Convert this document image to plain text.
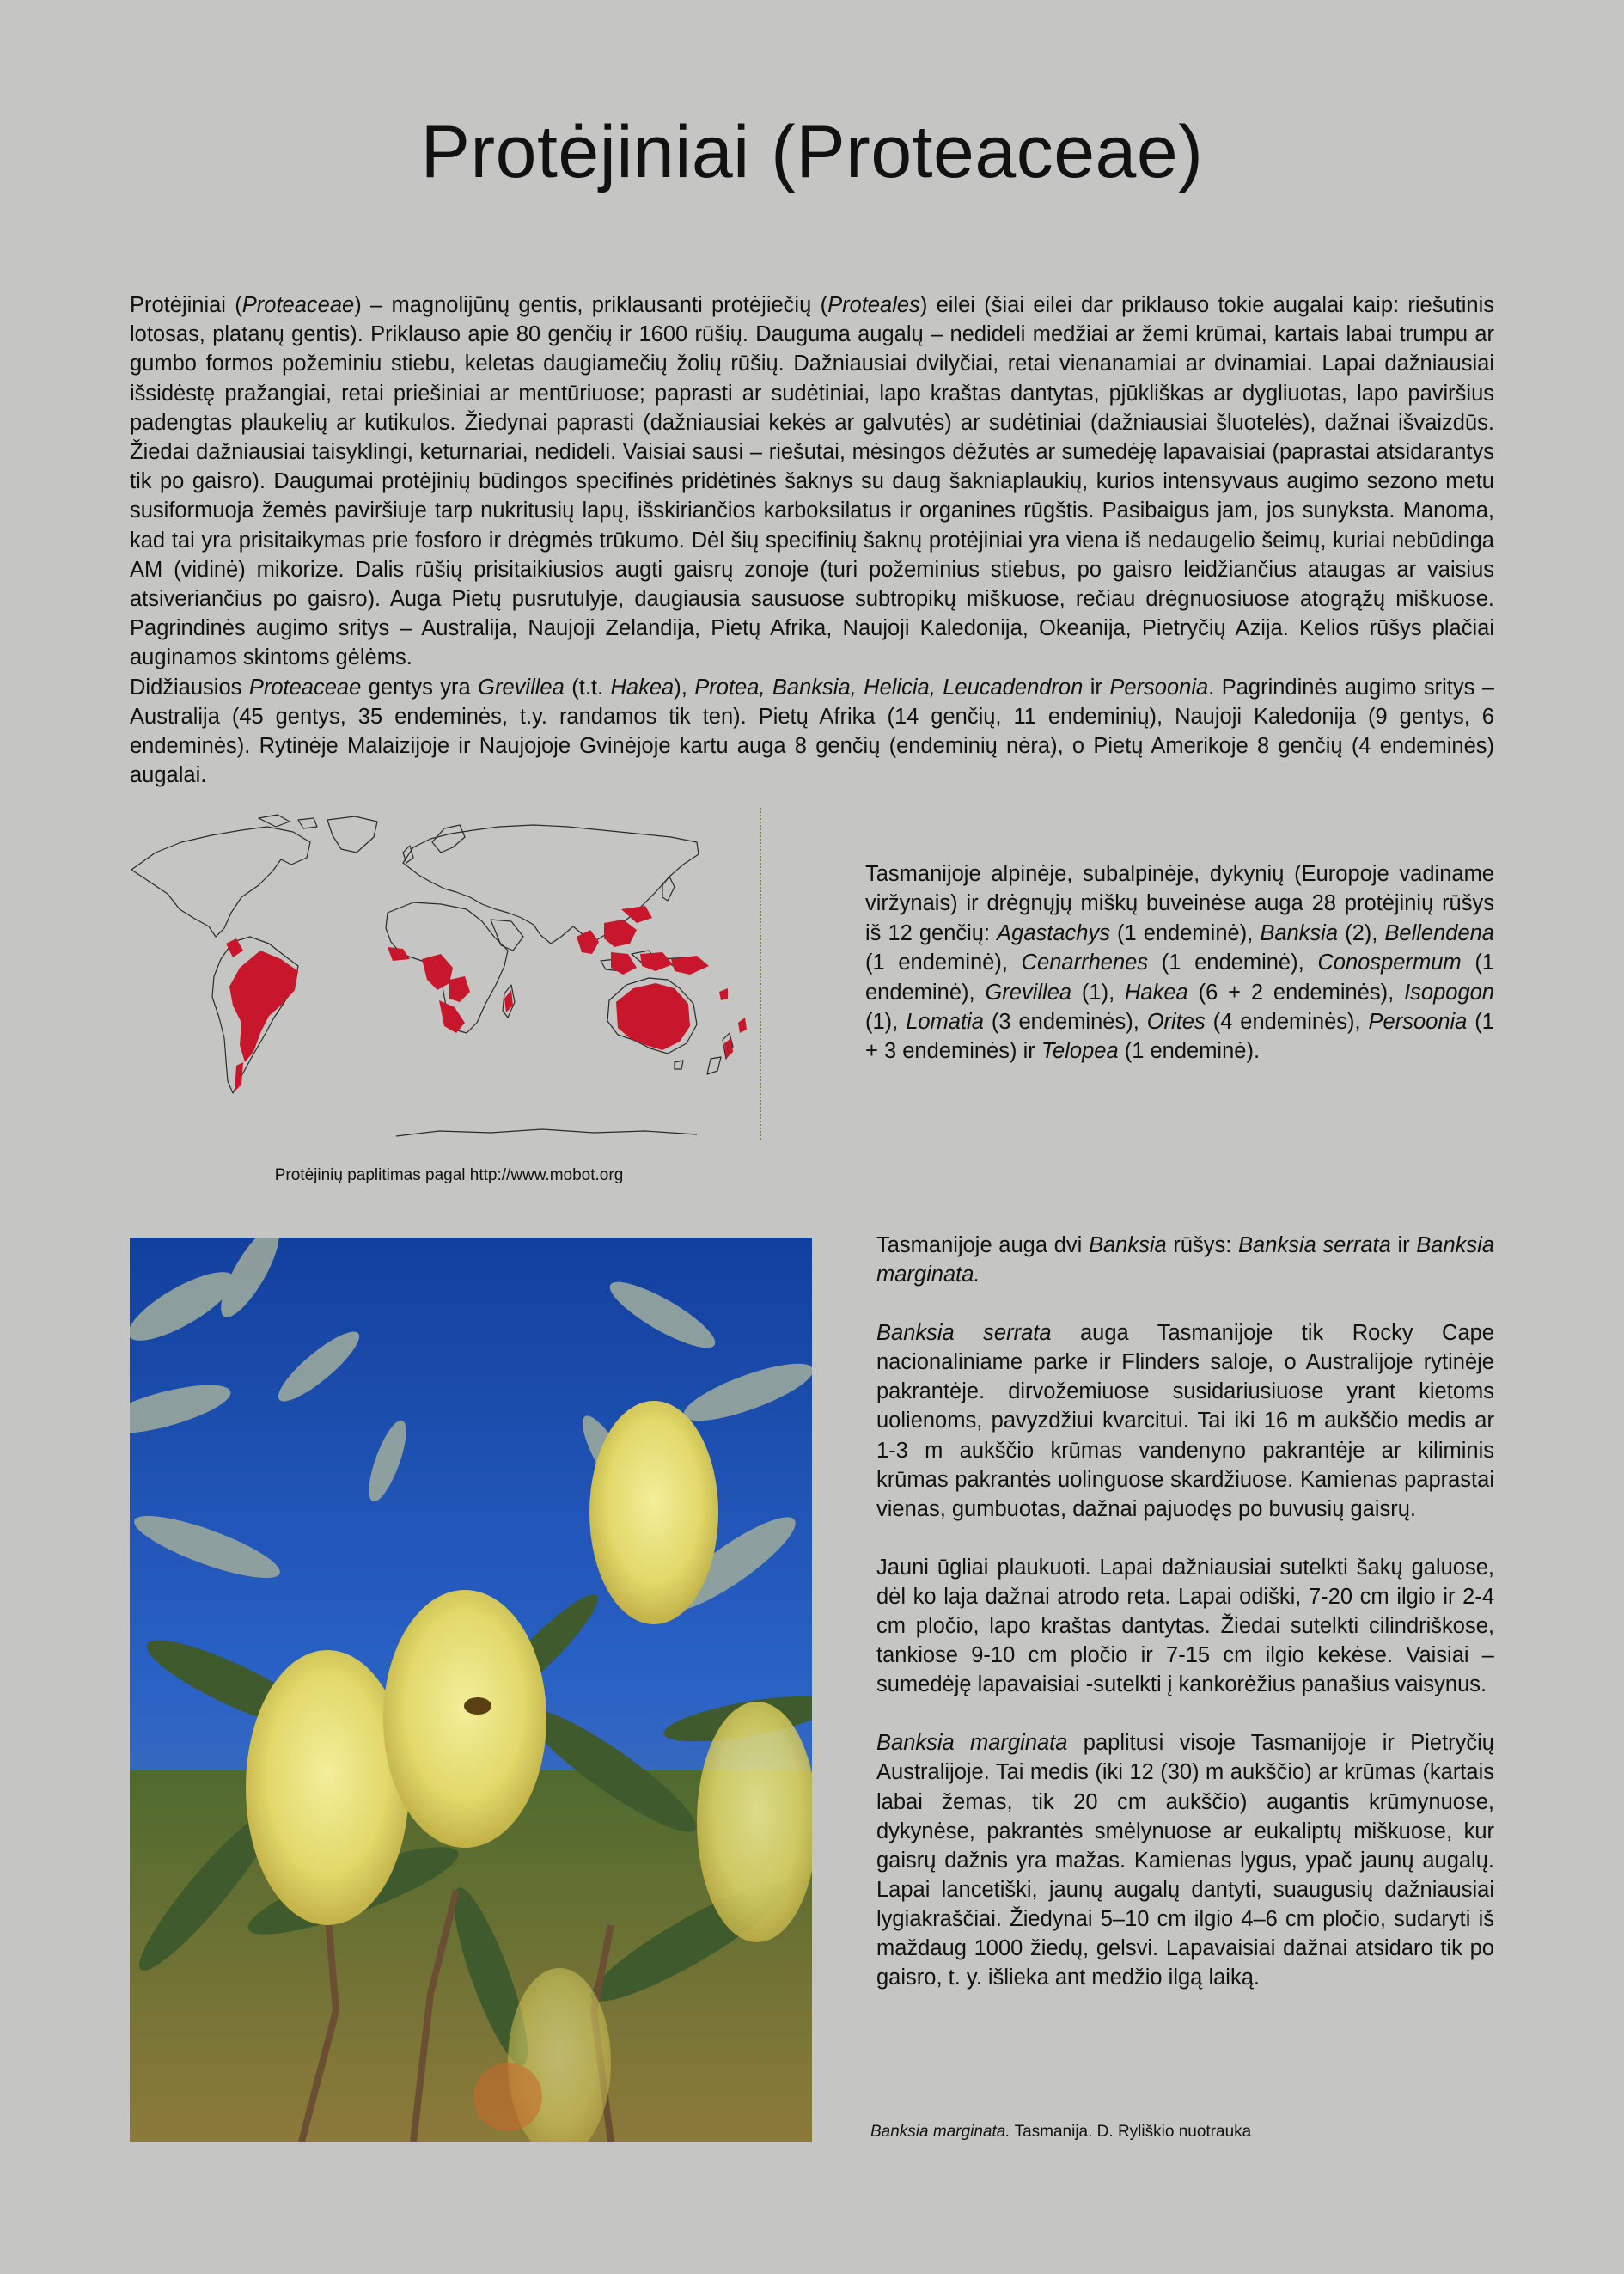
Protėjiniai (Proteaceae)

Protėjiniai (Proteaceae) – magnolijūnų gentis, priklausanti protėjiečių (Proteales) eilei (šiai eilei dar priklauso tokie augalai kaip: riešutinis lotosas, platanų gentis). Priklauso apie 80 genčių ir 1600 rūšių. Dauguma augalų – nedideli medžiai ar žemi krūmai, kartais labai trumpu ar gumbo formos požeminiu stiebu, keletas daugiamečių žolių rūšių. Dažniausiai dvilyčiai, retai vienanamiai ar dvinamiai. Lapai dažniausiai išsidėstę pražangiai, retai priešiniai ar mentūriuose; paprasti ar sudėtiniai, lapo kraštas dantytas, pjūkliškas ar dygliuotas, lapo paviršius padengtas plaukelių ar kutikulos. Žiedynai paprasti (dažniausiai kekės ar galvutės) ar sudėtiniai (dažniausiai šluotelės), dažnai išvaizdūs. Žiedai dažniausiai taisyklingi, keturnariai, nedideli. Vaisiai sausi – riešutai, mėsingos dėžutės ar sumedėję lapavaisiai (paprastai atsidarantys tik po gaisro). Daugumai protėjinių būdingos specifinės pridėtinės šaknys su daug šakniaplaukių, kurios intensyvaus augimo sezono metu susiformuoja žemės paviršiuje tarp nukritusių lapų, išskiriančios karboksilatus ir organines rūgštis. Pasibaigus jam, jos sunyksta. Manoma, kad tai yra prisitaikymas prie fosforo ir drėgmės trūkumo. Dėl šių specifinių šaknų protėjiniai yra viena iš nedaugelio šeimų, kuriai nebūdinga AM (vidinė) mikorize. Dalis rūšių prisitaikiusios augti gaisrų zonoje (turi požeminius stiebus, po gaisro leidžiančius ataugas ar vaisius atsiveriančius po gaisro). Auga Pietų pusrutulyje, daugiausia sausuose subtropikų miškuose, rečiau drėgnuosiuose atogrąžų miškuose. Pagrindinės augimo sritys – Australija, Naujoji Zelandija, Pietų Afrika, Naujoji Kaledonija, Okeanija, Pietryčių Azija. Kelios rūšys plačiai auginamos skintoms gėlėms.

Didžiausios Proteaceae gentys yra Grevillea (t.t. Hakea), Protea, Banksia, Helicia, Leucadendron ir Persoonia. Pagrindinės augimo sritys – Australija (45 gentys, 35 endeminės, t.y. randamos tik ten). Pietų Afrika (14 genčių, 11 endeminių), Naujoji Kaledonija (9 gentys, 6 endeminės). Rytinėje Malaizijoje ir Naujojoje Gvinėjoje kartu auga 8 genčių (endeminių nėra), o Pietų Amerikoje 8 genčių (4 endeminės) augalai.

Protėjinių paplitimas pagal http://www.mobot.org

Tasmanijoje alpinėje, subalpinėje, dykynių (Europoje vadiname viržynais) ir drėgnųjų miškų buveinėse auga 28 protėjinių rūšys iš 12 genčių: Agastachys (1 endeminė), Banksia (2), Bellendena (1 endeminė), Cenarrhenes (1 endeminė), Conospermum (1 endeminė), Grevillea (1), Hakea (6 + 2 endeminės), Isopogon (1), Lomatia (3 endeminės), Orites (4 endeminės), Persoonia (1 + 3 endeminės) ir Telopea (1 endeminė).

Tasmanijoje auga dvi Banksia rūšys: Banksia serrata ir Banksia marginata.

Banksia serrata auga Tasmanijoje tik Rocky Cape nacionaliniame parke ir Flinders saloje, o Australijoje rytinėje pakrantėje. dirvožemiuose susidariusiuose yrant kietoms uolienoms, pavyzdžiui kvarcitui. Tai iki 16 m aukščio medis ar 1-3 m aukščio krūmas vandenyno pakrantėje ar kiliminis krūmas pakrantės uolinguose skardžiuose. Kamienas paprastai vienas, gumbuotas, dažnai pajuodęs po buvusių gaisrų.

Jauni ūgliai plaukuoti. Lapai dažniausiai sutelkti šakų galuose, dėl ko laja dažnai atrodo reta. Lapai odiški, 7-20 cm ilgio ir 2-4 cm pločio, lapo kraštas dantytas. Žiedai sutelkti cilindriškose, tankiose 9-10 cm pločio ir 7-15 cm ilgio kekėse. Vaisiai – sumedėję lapavaisiai -sutelkti į kankorėžius panašius vaisynus.

Banksia marginata paplitusi visoje Tasmanijoje ir Pietryčių Australijoje. Tai medis (iki 12 (30) m aukščio) ar krūmas (kartais labai žemas, tik 20 cm aukščio) augantis krūmynuose, dykynėse, pakrantės smėlynuose ar eukaliptų miškuose, kur gaisrų dažnis yra mažas. Kamienas lygus, ypač jaunų augalų. Lapai lancetiški, jaunų augalų dantyti, suaugusių dažniausiai lygiakraščiai. Žiedynai 5–10 cm ilgio 4–6 cm pločio, sudaryti iš maždaug 1000 žiedų, gelsvi. Lapavaisiai dažnai atsidaro tik po gaisro, t. y. išlieka ant medžio ilgą laiką.

Banksia marginata. Tasmanija. D. Ryliškio nuotrauka
